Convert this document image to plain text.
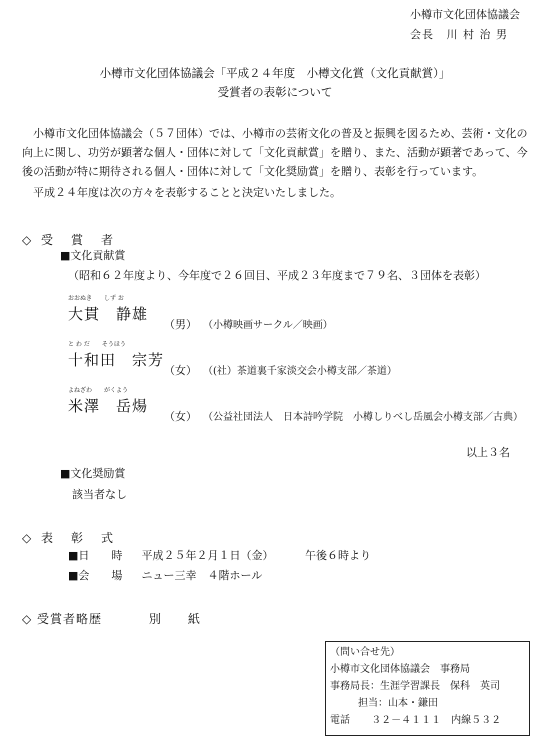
小樽市文化団体協議会
会長 川 村 治 男
小樽市文化団体協議会「平成２４年度　小樽文化賞（文化貢献賞）」
受賞者の表彰について
小樽市文化団体協議会（５７団体）では、小樽市の芸術文化の普及と振興を図るため、芸術・文化の向上に関し、功労が顕著な個人・団体に対して「文化貢献賞」を贈り、また、活動が顕著であって、今後の活動が特に期待される個人・団体に対して「文化奨励賞」を贈り、表彰を行っています。
平成２４年度は次の方々を表彰することと決定いたしました。
◇ 受　賞　者
■文化貢献賞
（昭和６２年度より、今年度で２６回目、平成２３年度まで７９名、３団体を表彰）
おおぬき　　しず お
大貫　静雄
（男） （小樽映画サークル／映画）
と わ だ　　そうほう
十和田　宗芳
（女） （(社）茶道裏千家淡交会小樽支部／茶道）
よねざわ　　がくよう
米澤　岳煬
（女） （公益社団法人　日本詩吟学院　小樽しりべし岳風会小樽支部／古典）
以上３名
■文化奨励賞
該当者なし
◇ 表　彰　式
■日　　時 平成２５年２月１日（金）	午後６時より
■会　　場 ニュー三幸　４階ホール
◇ 受賞者略歴	別　　紙
（問い合せ先）
小樽市文化団体協議会　事務局
事務局長：生涯学習課長　保科　英司
担当：山本・鎌田
電話 ３２－４１１１　内線５３２
